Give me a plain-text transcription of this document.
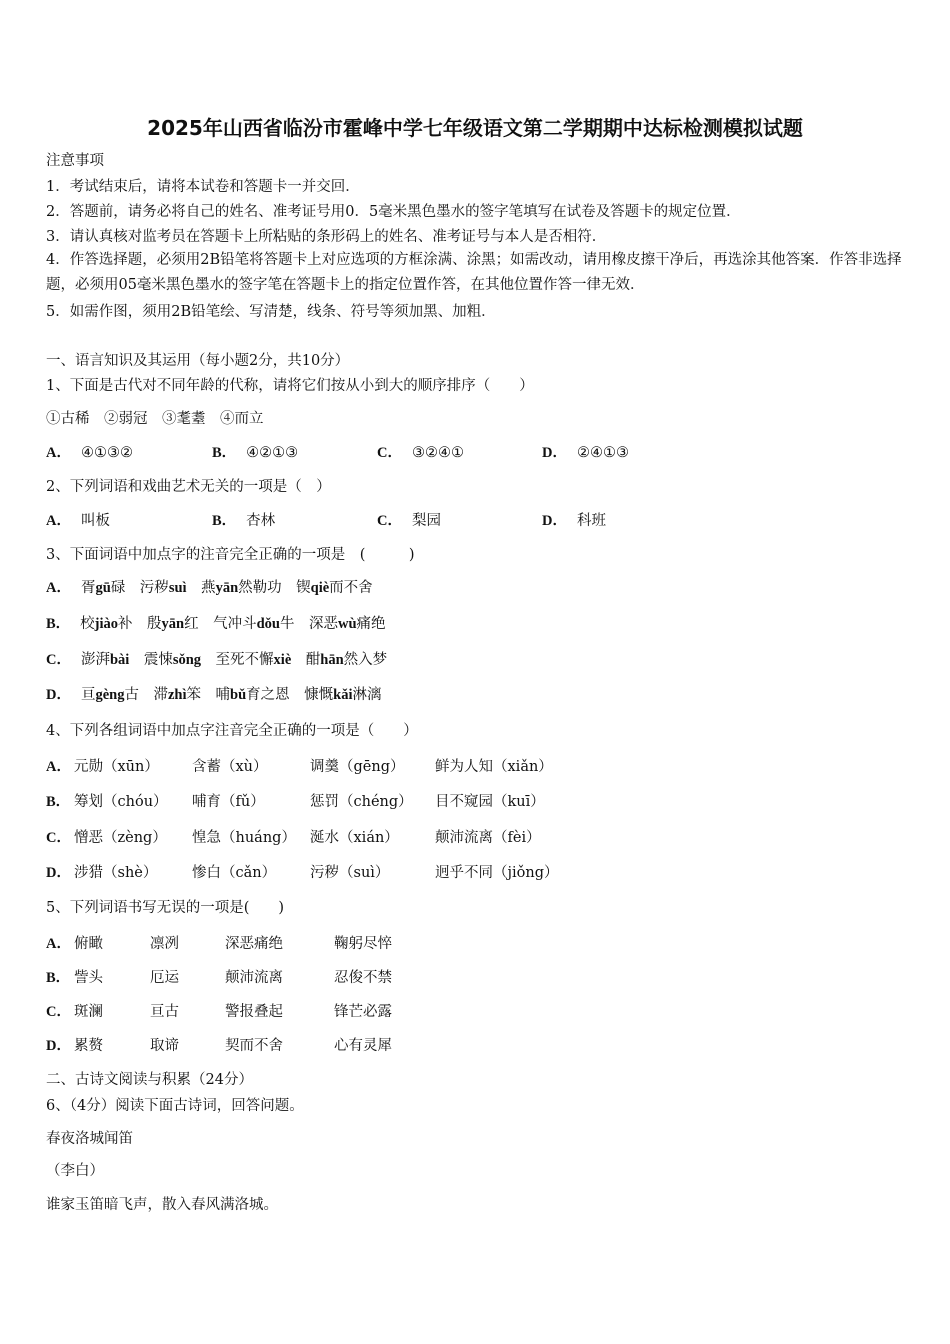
2025年山西省临汾市霍峰中学七年级语文第二学期期中达标检测模拟试题
注意事项
1．考试结束后，请将本试卷和答题卡一并交回．
2．答题前，请务必将自己的姓名、准考证号用0．5毫米黑色墨水的签字笔填写在试卷及答题卡的规定位置．
3．请认真核对监考员在答题卡上所粘贴的条形码上的姓名、准考证号与本人是否相符．
4．作答选择题，必须用2B铅笔将答题卡上对应选项的方框涂满、涂黑；如需改动，请用橡皮擦干净后，再选涂其他答案．作答非选择题，必须用05毫米黑色墨水的签字笔在答题卡上的指定位置作答，在其他位置作答一律无效．
5．如需作图，须用2B铅笔绘、写清楚，线条、符号等须加黑、加粗．
一、语言知识及其运用（每小题2分，共10分）
1、下面是古代对不同年龄的代称，请将它们按从小到大的顺序排序（　　）
①古稀　②弱冠　③耄耋　④而立
A． ④①③②	B． ④②①③	C． ③②④①	D． ②④①③
2、下列词语和戏曲艺术无关的一项是（　）
A． 叫板	B． 杏林	C． 梨园	D． 科班
3、下面词语中加点字的注音完全正确的一项是　(　　　)
A． 胥gū碌　污秽suì　燕yān然勒功　锲qiè而不舍
B． 校jiào补　殷yān红　气冲斗dǒu牛　深恶wù痛绝
C． 澎湃bài　震悚sǒng　至死不懈xiè　酣hān然入梦
D． 亘gèng古　滞zhì笨　哺bǔ育之恩　慷慨kǎi淋漓
4、下列各组词语中加点字注音完全正确的一项是（　　）
A． 元勋（xūn） 含蓄（xù）	调羹（gēng） 鲜为人知（xiǎn）
B． 筹划（chóu） 哺育（fǔ）	惩罚（chéng） 目不窥园（kuī）
C． 憎恶（zèng） 惶急（huáng） 涎水（xián） 颠沛流离（fèi）
D． 涉猎（shè） 惨白（cǎn） 污秽（suì）	迥乎不同（jiǒng）
5、下列词语书写无误的一项是(　　)
A． 俯瞰	凛冽	深恶痛绝	鞠躬尽悴
B． 訾头	厄运	颠沛流离	忍俊不禁
C． 斑澜	亘古	警报叠起	锋芒必露
D． 累赘	取谛	契而不舍	心有灵犀
二、古诗文阅读与积累（24分）
6、（4分）阅读下面古诗词，回答问题。
春夜洛城闻笛
（李白）
谁家玉笛暗飞声，散入春风满洛城。
